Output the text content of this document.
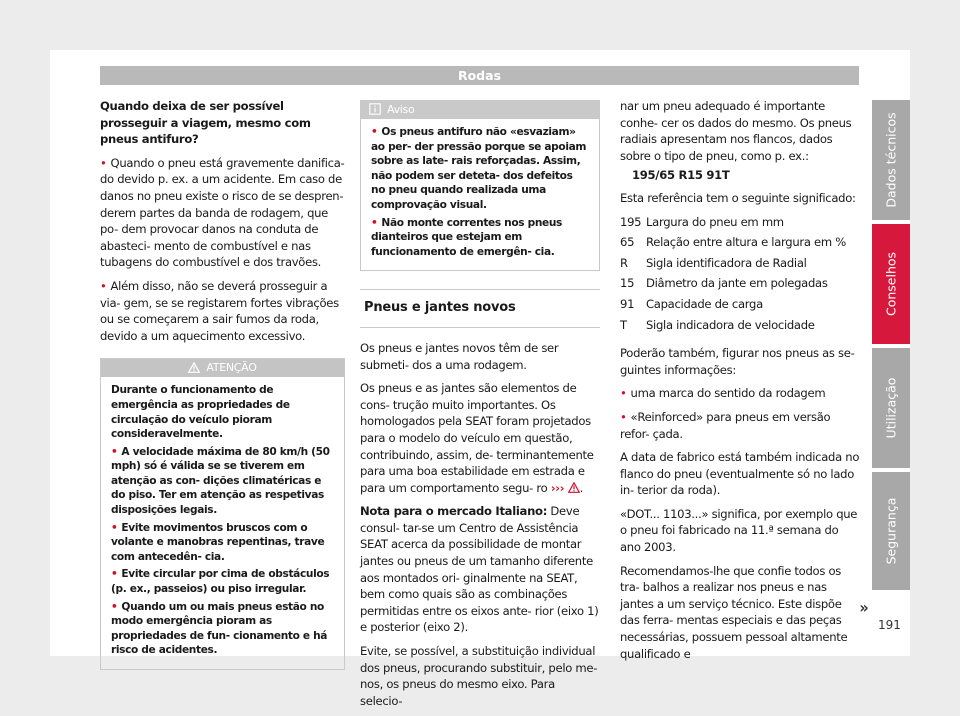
Rodas

Quando deixa de ser possível prosseguir a viagem, mesmo com pneus antifuro?

• Quando o pneu está gravemente danifica- do devido p. ex. a um acidente. Em caso de danos no pneu existe o risco de se despren- derem partes da banda de rodagem, que po- dem provocar danos na conduta de abasteci- mento de combustível e nas tubagens do combustível e dos travões.

• Além disso, não se deverá prosseguir a via- gem, se se registarem fortes vibrações ou se começarem a sair fumos da roda, devido a um aquecimento excessivo.

ATENÇÃO

Durante o funcionamento de emergência as propriedades de circulação do veículo pioram consideravelmente.

• A velocidade máxima de 80 km/h (50 mph) só é válida se se tiverem em atenção as con- dições climatéricas e do piso. Ter em atenção as respetivas disposições legais.

• Evite movimentos bruscos com o volante e manobras repentinas, trave com antecedên- cia.

• Evite circular por cima de obstáculos (p. ex., passeios) ou piso irregular.

• Quando um ou mais pneus estão no modo emergência pioram as propriedades de fun- cionamento e há risco de acidentes.

Aviso

• Os pneus antifuro não «esvaziam» ao per- der pressão porque se apoiam sobre as late- rais reforçadas. Assim, não podem ser deteta- dos defeitos no pneu quando realizada uma comprovação visual.

• Não monte correntes nos pneus dianteiros que estejam em funcionamento de emergên- cia.

Pneus e jantes novos

Os pneus e jantes novos têm de ser submeti- dos a uma rodagem.

Os pneus e as jantes são elementos de cons- trução muito importantes. Os homologados pela SEAT foram projetados para o modelo do veículo em questão, contribuindo, assim, de- terminantemente para uma boa estabilidade em estrada e para um comportamento segu- ro ››› .

Nota para o mercado Italiano: Deve consul- tar-se um Centro de Assistência SEAT acerca da possibilidade de montar jantes ou pneus de um tamanho diferente aos montados ori- ginalmente na SEAT, bem como quais são as combinações permitidas entre os eixos ante- rior (eixo 1) e posterior (eixo 2).

Evite, se possível, a substituição individual dos pneus, procurando substituir, pelo me- nos, os pneus do mesmo eixo. Para selecio-

nar um pneu adequado é importante conhe- cer os dados do mesmo. Os pneus radiais apresentam nos flancos, dados sobre o tipo de pneu, como p. ex.:

195/65 R15 91T

Esta referência tem o seguinte significado:

195	Largura do pneu em mm
65	Relação entre altura e largura em %
R	Sigla identificadora de Radial
15	Diâmetro da jante em polegadas
91	Capacidade de carga
T	Sigla indicadora de velocidade

Poderão também, figurar nos pneus as se- guintes informações:

• uma marca do sentido da rodagem

• «Reinforced» para pneus em versão refor- çada.

A data de fabrico está também indicada no flanco do pneu (eventualmente só no lado in- terior da roda).

«DOT... 1103...» significa, por exemplo que o pneu foi fabricado na 11.ª semana do ano 2003.

Recomendamos-lhe que confie todos os tra- balhos a realizar nos pneus e nas jantes a um serviço técnico. Este dispõe das ferra- mentas especiais e das peças necessárias, possuem pessoal altamente qualificado e

Dados técnicos
Conselhos
Utilização
Segurança
»
191
